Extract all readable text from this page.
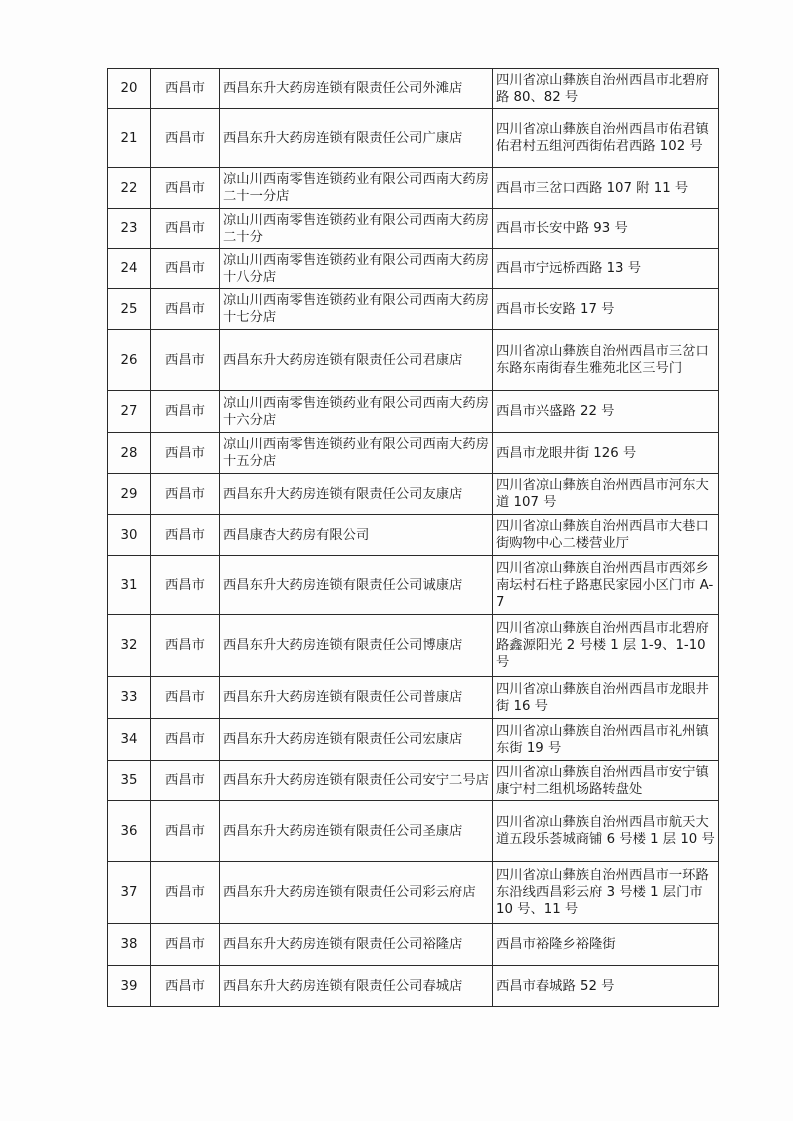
20	西昌市	西昌东升大药房连锁有限责任公司外滩店	四川省凉山彝族自治州西昌市北碧府路 80、82 号
21	西昌市	西昌东升大药房连锁有限责任公司广康店	四川省凉山彝族自治州西昌市佑君镇佑君村五组河西街佑君西路 102 号
22	西昌市	凉山川西南零售连锁药业有限公司西南大药房二十一分店	西昌市三岔口西路 107 附 11 号
23	西昌市	凉山川西南零售连锁药业有限公司西南大药房二十分	西昌市长安中路 93 号
24	西昌市	凉山川西南零售连锁药业有限公司西南大药房十八分店	西昌市宁远桥西路 13 号
25	西昌市	凉山川西南零售连锁药业有限公司西南大药房十七分店	西昌市长安路 17 号
26	西昌市	西昌东升大药房连锁有限责任公司君康店	四川省凉山彝族自治州西昌市三岔口东路东南街春生雅苑北区三号门
27	西昌市	凉山川西南零售连锁药业有限公司西南大药房十六分店	西昌市兴盛路 22 号
28	西昌市	凉山川西南零售连锁药业有限公司西南大药房十五分店	西昌市龙眼井街 126 号
29	西昌市	西昌东升大药房连锁有限责任公司友康店	四川省凉山彝族自治州西昌市河东大道 107 号
30	西昌市	西昌康杏大药房有限公司	四川省凉山彝族自治州西昌市大巷口街购物中心二楼营业厅
31	西昌市	西昌东升大药房连锁有限责任公司诚康店	四川省凉山彝族自治州西昌市西郊乡南坛村石柱子路惠民家园小区门市 A-7
32	西昌市	西昌东升大药房连锁有限责任公司博康店	四川省凉山彝族自治州西昌市北碧府路鑫源阳光 2 号楼 1 层 1-9、1-10 号
33	西昌市	西昌东升大药房连锁有限责任公司普康店	四川省凉山彝族自治州西昌市龙眼井街 16 号
34	西昌市	西昌东升大药房连锁有限责任公司宏康店	四川省凉山彝族自治州西昌市礼州镇东街 19 号
35	西昌市	西昌东升大药房连锁有限责任公司安宁二号店	四川省凉山彝族自治州西昌市安宁镇康宁村二组机场路转盘处
36	西昌市	西昌东升大药房连锁有限责任公司圣康店	四川省凉山彝族自治州西昌市航天大道五段乐荟城商铺 6 号楼 1 层 10 号
37	西昌市	西昌东升大药房连锁有限责任公司彩云府店	四川省凉山彝族自治州西昌市一环路东沿线西昌彩云府 3 号楼 1 层门市 10 号、11 号
38	西昌市	西昌东升大药房连锁有限责任公司裕隆店	西昌市裕隆乡裕隆街
39	西昌市	西昌东升大药房连锁有限责任公司春城店	西昌市春城路 52 号
